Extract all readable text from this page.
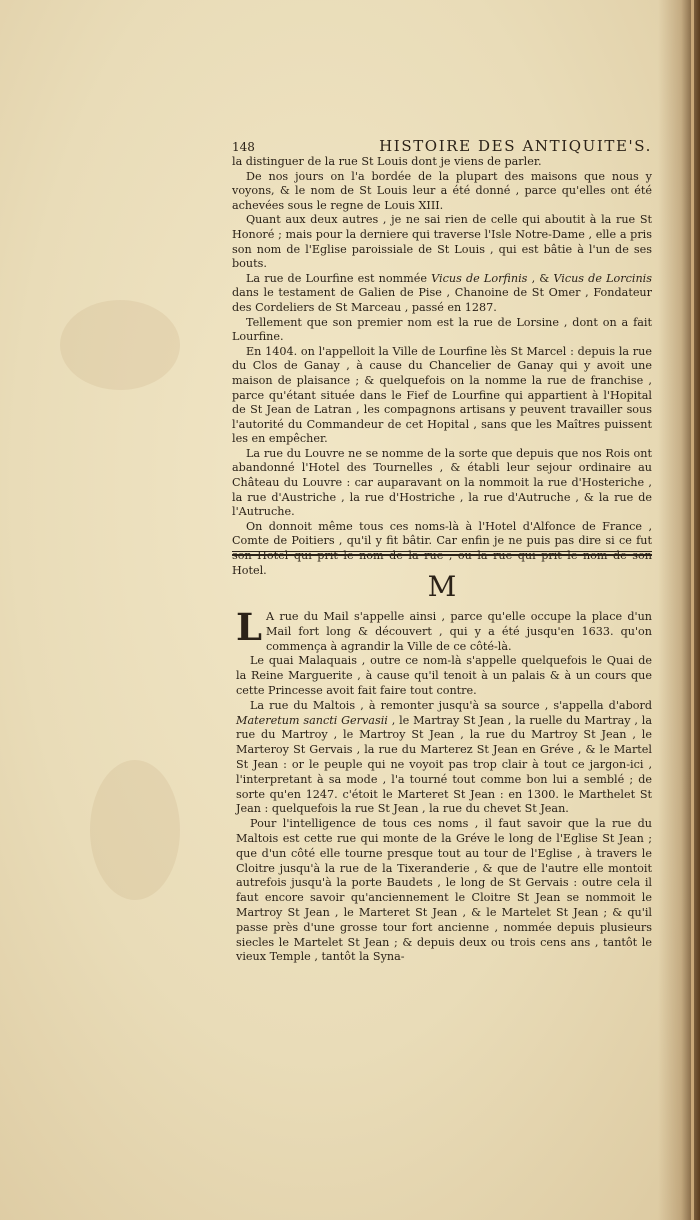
148	HISTOIRE DES ANTIQUITE'S.

la distinguer de la rue St Louis dont je viens de parler.

De nos jours on l'a bordée de la plupart des maisons que nous y voyons, & le nom de St Louis leur a été donné , parce qu'elles ont été achevées sous le regne de Louis XIII.

Quant aux deux autres , je ne sai rien de celle qui aboutit à la rue St Honoré ; mais pour la derniere qui traverse l'Isle Notre-Dame , elle a pris son nom de l'Eglise paroissiale de St Louis , qui est bâtie à l'un de ses bouts.

La rue de Lourfine est nommée Vicus de Lorfinis , & Vicus de Lorcinis dans le testament de Galien de Pise , Chanoine de St Omer , Fondateur des Cordeliers de St Marceau , passé en 1287.

Tellement que son premier nom est la rue de Lorsine , dont on a fait Lourfine.

En 1404. on l'appelloit la Ville de Lourfine lès St Marcel : depuis la rue du Clos de Ganay , à cause du Chancelier de Ganay qui y avoit une maison de plaisance ; & quelquefois on la nomme la rue de franchise , parce qu'étant située dans le Fief de Lourfine qui appartient à l'Hopital de St Jean de Latran , les compagnons artisans y peuvent travailler sous l'autorité du Commandeur de cet Hopital , sans que les Maîtres puissent les en empêcher.

La rue du Louvre ne se nomme de la sorte que depuis que nos Rois ont abandonné l'Hotel des Tournelles , & établi leur sejour ordinaire au Château du Louvre : car auparavant on la nommoit la rue d'Hosteriche , la rue d'Austriche , la rue d'Hostriche , la rue d'Autruche , & la rue de l'Autruche.

On donnoit même tous ces noms-là à l'Hotel d'Alfonce de France , Comte de Poitiers , qu'il y fit bâtir. Car enfin je ne puis pas dire si ce fut Hotel.	M

L A rue du Mail s'appelle ainsi , parce qu'elle occupe la place d'un Mail fort long & découvert , qui y a été jusqu'en 1633. qu'on commença à agrandir la Ville de ce côté-là.

Le quai Malaquais , outre ce nom-là s'appelle quelquefois le Quai de la Reine Marguerite , à cause qu'il tenoit à un palais & à un cours que cette Princesse avoit fait faire tout contre.

La rue du Maltois , à remonter jusqu'à sa source , s'appella d'abord Materetum sancti Gervasii , le Martray St Jean , la ruelle du Martray , la rue du Martroy , le Martroy St Jean , la rue du Martroy St Jean , le Marteroy St Gervais , la rue du Marterez St Jean en Gréve , & le Martel St Jean : or le peuple qui ne voyoit pas trop clair à tout ce jargon-ici , l'interpretant à sa mode , l'a tourné tout comme bon lui a semblé ; de sorte qu'en 1247. c'étoit le Marteret St Jean : en 1300. le Marthelet St Jean : quelquefois la rue St Jean , la rue du chevet St Jean.

Pour l'intelligence de tous ces noms , il faut savoir que la rue du Maltois est cette rue qui monte de la Gréve le long de l'Eglise St Jean ; que d'un côté elle tourne presque tout au tour de l'Eglise , à travers le Cloitre jusqu'à la rue de la Tixeranderie , & que de l'autre elle montoit autrefois jusqu'à la porte Baudets , le long de St Gervais : outre cela il faut encore savoir qu'anciennement le Cloitre St Jean se nommoit le Martroy St Jean , le Marteret St Jean , & le Martelet St Jean ; & qu'il passe près d'une grosse tour fort ancienne , nommée depuis plusieurs siecles le Martelet St Jean ; & depuis deux ou trois cens ans , tantôt le vieux Temple , tantôt la Syna-
